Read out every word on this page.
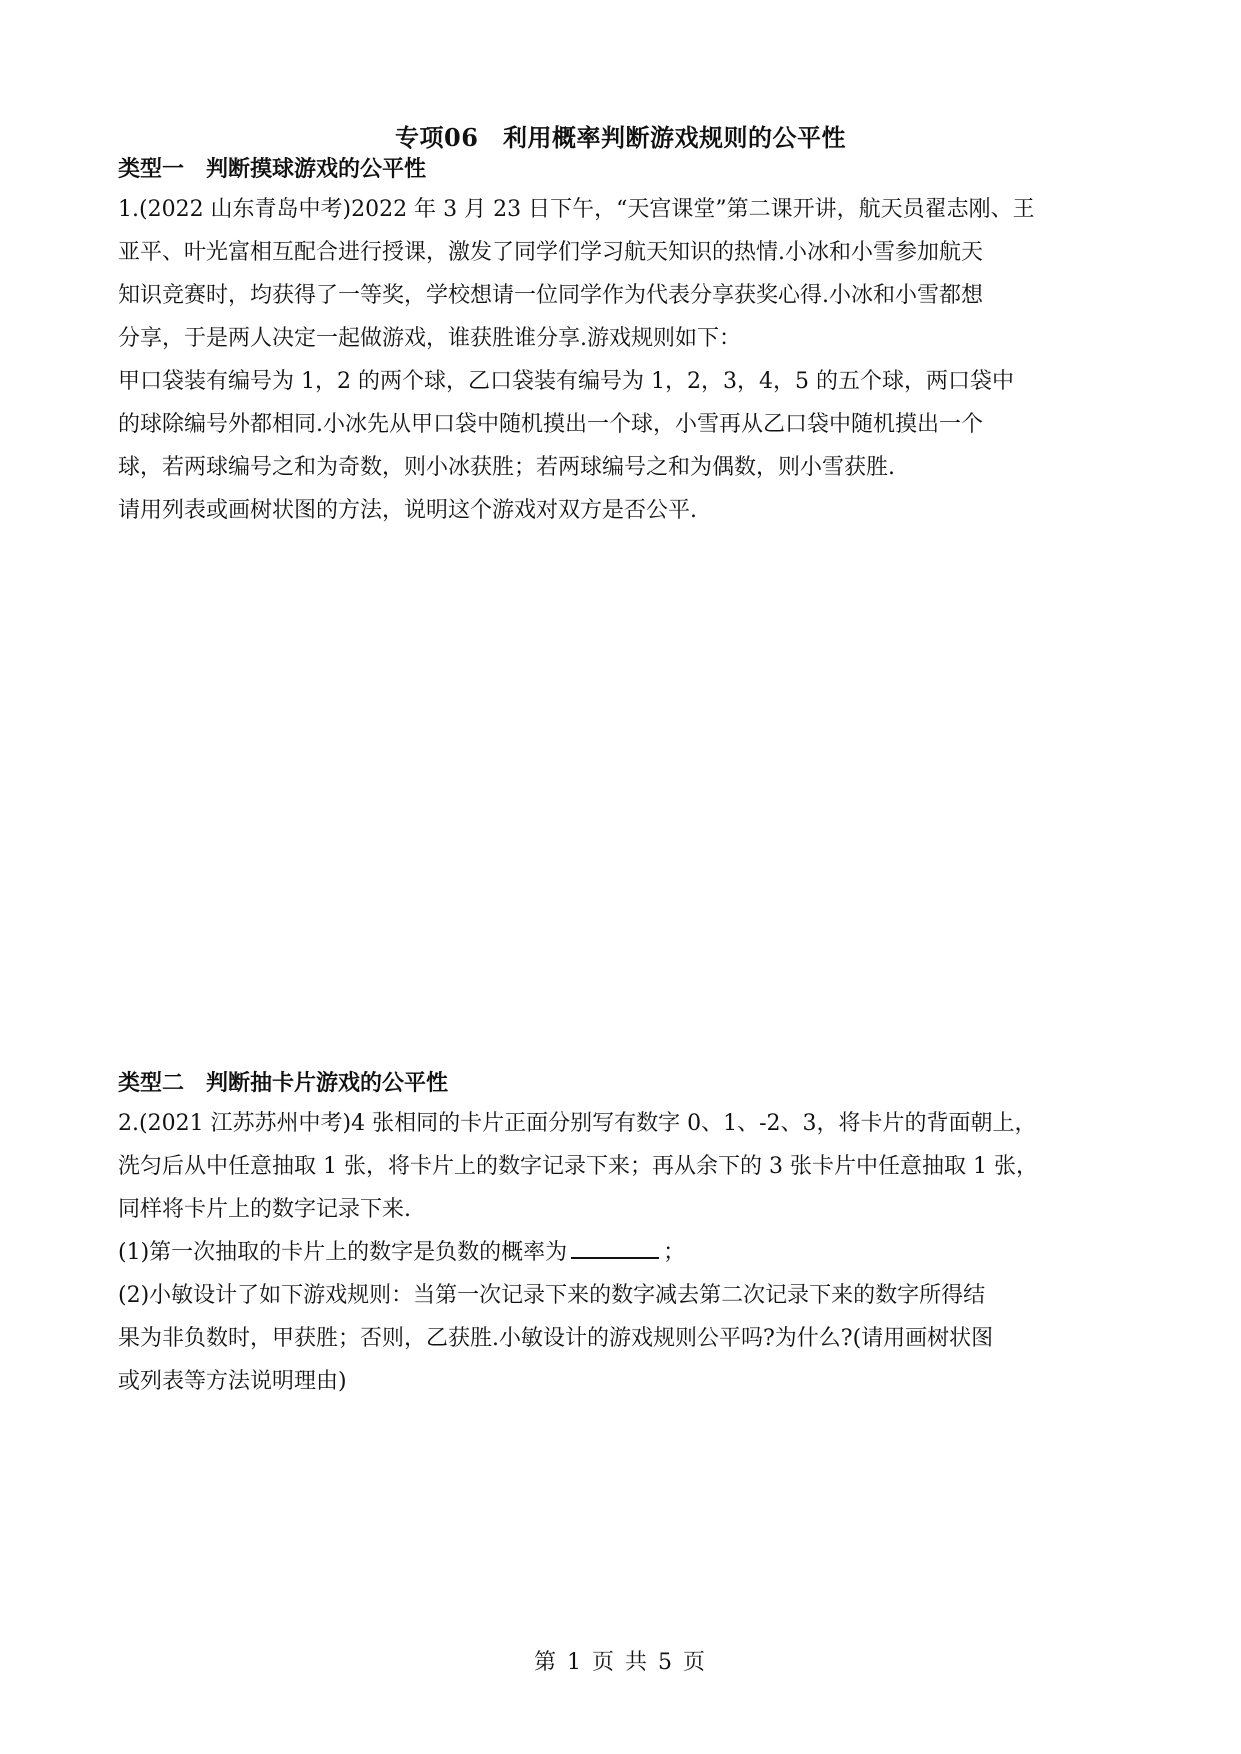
专项06　利用概率判断游戏规则的公平性
类型一　判断摸球游戏的公平性
1.(2022 山东青岛中考)2022 年 3 月 23 日下午，“天宫课堂”第二课开讲，航天员翟志刚、王
亚平、叶光富相互配合进行授课，激发了同学们学习航天知识的热情.小冰和小雪参加航天
知识竞赛时，均获得了一等奖，学校想请一位同学作为代表分享获奖心得.小冰和小雪都想
分享，于是两人决定一起做游戏，谁获胜谁分享.游戏规则如下：
甲口袋装有编号为 1，2 的两个球，乙口袋装有编号为 1，2，3，4，5 的五个球，两口袋中
的球除编号外都相同.小冰先从甲口袋中随机摸出一个球，小雪再从乙口袋中随机摸出一个
球，若两球编号之和为奇数，则小冰获胜；若两球编号之和为偶数，则小雪获胜.
请用列表或画树状图的方法，说明这个游戏对双方是否公平.
类型二　判断抽卡片游戏的公平性
2.(2021 江苏苏州中考)4 张相同的卡片正面分别写有数字 0、1、-2、3，将卡片的背面朝上，
洗匀后从中任意抽取 1 张，将卡片上的数字记录下来；再从余下的 3 张卡片中任意抽取 1 张，
同样将卡片上的数字记录下来.
(1)第一次抽取的卡片上的数字是负数的概率为	；
(2)小敏设计了如下游戏规则：当第一次记录下来的数字减去第二次记录下来的数字所得结
果为非负数时，甲获胜；否则，乙获胜.小敏设计的游戏规则公平吗?为什么?(请用画树状图
或列表等方法说明理由)
第 1 页 共 5 页
